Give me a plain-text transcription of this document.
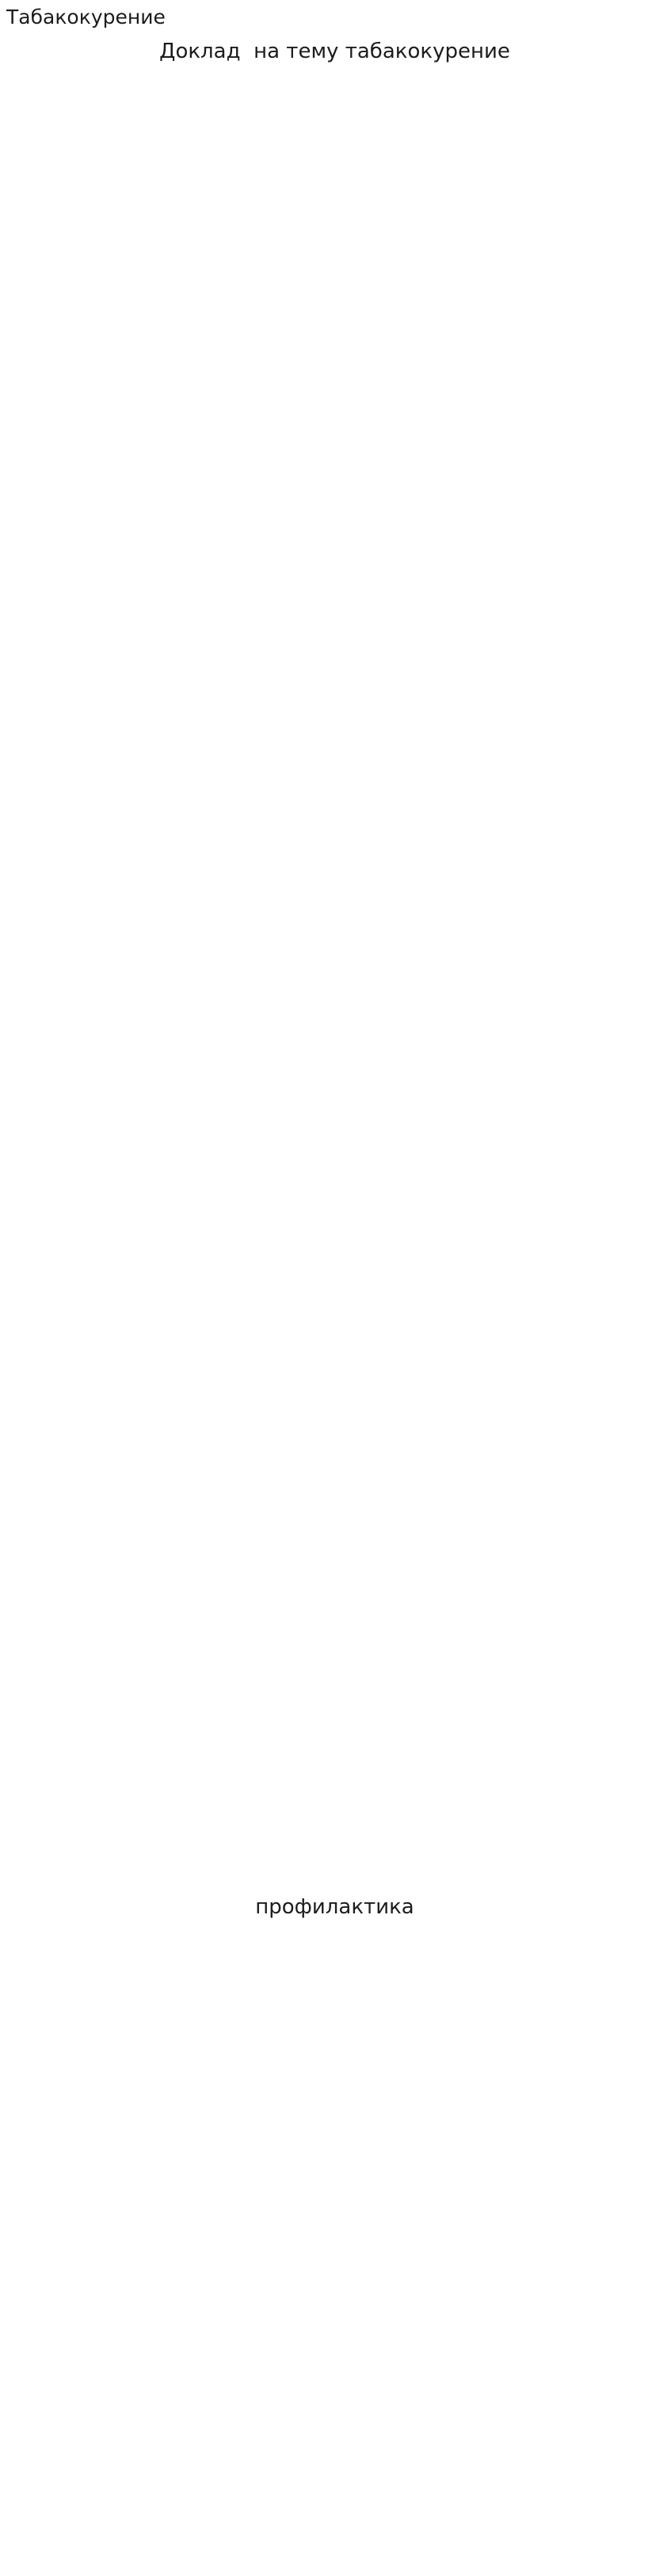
Табакокурение
Доклад  на тему табакокурение

профилактика
